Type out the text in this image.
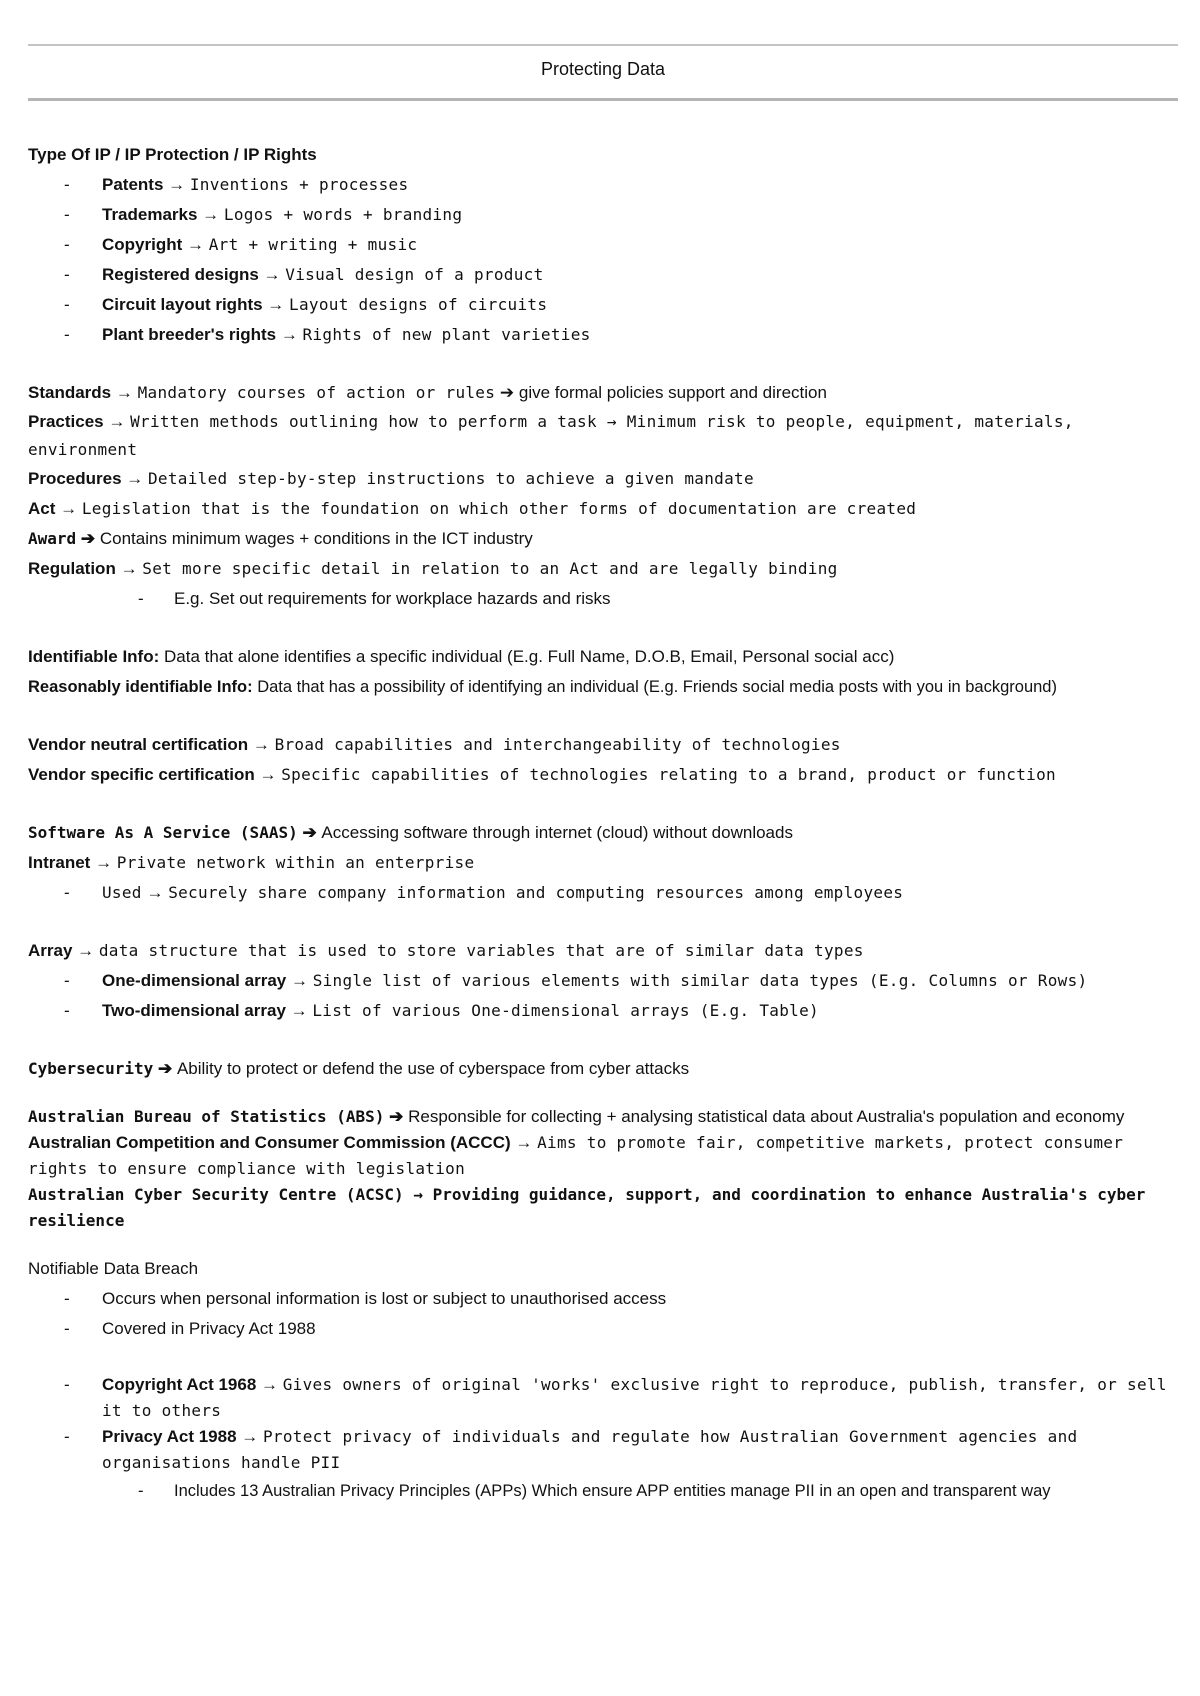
Protecting Data
Type Of IP / IP Protection / IP Rights
- Patents → Inventions + processes
- Trademarks → Logos + words + branding
- Copyright → Art + writing + music
- Registered designs → Visual design of a product
- Circuit layout rights → Layout designs of circuits
- Plant breeder's rights → Rights of new plant varieties
Standards → Mandatory courses of action or rules ➔ give formal policies support and direction
Practices → Written methods outlining how to perform a task → Minimum risk to people, equipment, materials, environment
Procedures → Detailed step-by-step instructions to achieve a given mandate
Act → Legislation that is the foundation on which other forms of documentation are created
Award ➔ Contains minimum wages + conditions in the ICT industry
Regulation → Set more specific detail in relation to an Act and are legally binding
- E.g. Set out requirements for workplace hazards and risks
Identifiable Info: Data that alone identifies a specific individual (E.g. Full Name, D.O.B, Email, Personal social acc)
Reasonably identifiable Info: Data that has a possibility of identifying an individual (E.g. Friends social media posts with you in background)
Vendor neutral certification → Broad capabilities and interchangeability of technologies
Vendor specific certification → Specific capabilities of technologies relating to a brand, product or function
Software As A Service (SAAS) ➔ Accessing software through internet (cloud) without downloads
Intranet → Private network within an enterprise
- Used → Securely share company information and computing resources among employees
Array → data structure that is used to store variables that are of similar data types
- One-dimensional array → Single list of various elements with similar data types (E.g. Columns or Rows)
- Two-dimensional array → List of various One-dimensional arrays (E.g. Table)
Cybersecurity ➔ Ability to protect or defend the use of cyberspace from cyber attacks
Australian Bureau of Statistics (ABS) ➔ Responsible for collecting + analysing statistical data about Australia's population and economy
Australian Competition and Consumer Commission (ACCC) → Aims to promote fair, competitive markets, protect consumer rights to ensure compliance with legislation
Australian Cyber Security Centre (ACSC) → Providing guidance, support, and coordination to enhance Australia's cyber resilience
Notifiable Data Breach
- Occurs when personal information is lost or subject to unauthorised access
- Covered in Privacy Act 1988
- Copyright Act 1968 → Gives owners of original 'works' exclusive right to reproduce, publish, transfer, or sell it to others
- Privacy Act 1988 → Protect privacy of individuals and regulate how Australian Government agencies and organisations handle PII
- Includes 13 Australian Privacy Principles (APPs) Which ensure APP entities manage PII in an open and transparent way
